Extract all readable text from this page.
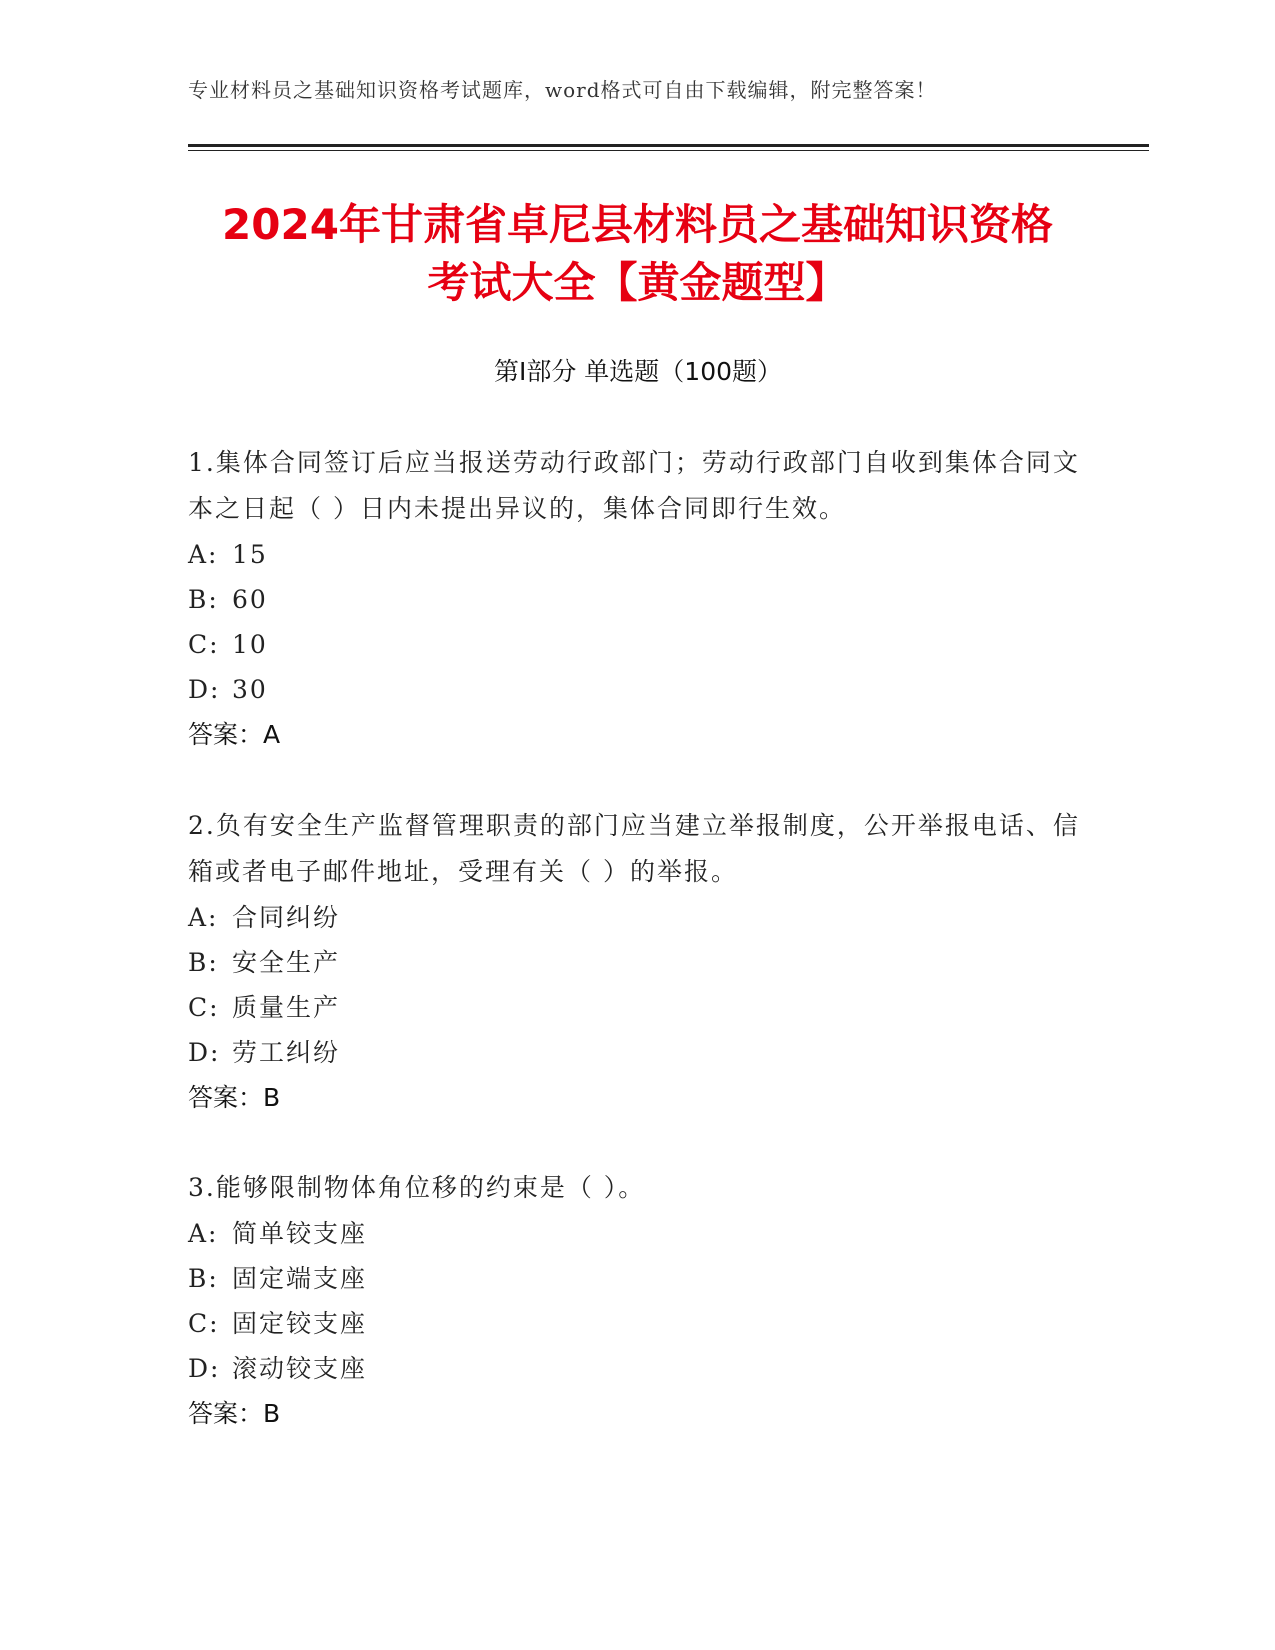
专业材料员之基础知识资格考试题库，word格式可自由下载编辑，附完整答案！
2024年甘肃省卓尼县材料员之基础知识资格
考试大全【黄金题型】
第Ⅰ部分 单选题（100题）

1.集体合同签订后应当报送劳动行政部门；劳动行政部门自收到集体合同文本之日起（ ）日内未提出异议的，集体合同即行生效。

A: 15

B: 60

C: 10

D: 30

答案：A

2.负有安全生产监督管理职责的部门应当建立举报制度，公开举报电话、信箱或者电子邮件地址，受理有关（ ）的举报。

A: 合同纠纷

B: 安全生产

C: 质量生产

D: 劳工纠纷

答案：B

3.能够限制物体角位移的约束是（ ）。

A: 简单铰支座

B: 固定端支座

C: 固定铰支座

D: 滚动铰支座

答案：B
